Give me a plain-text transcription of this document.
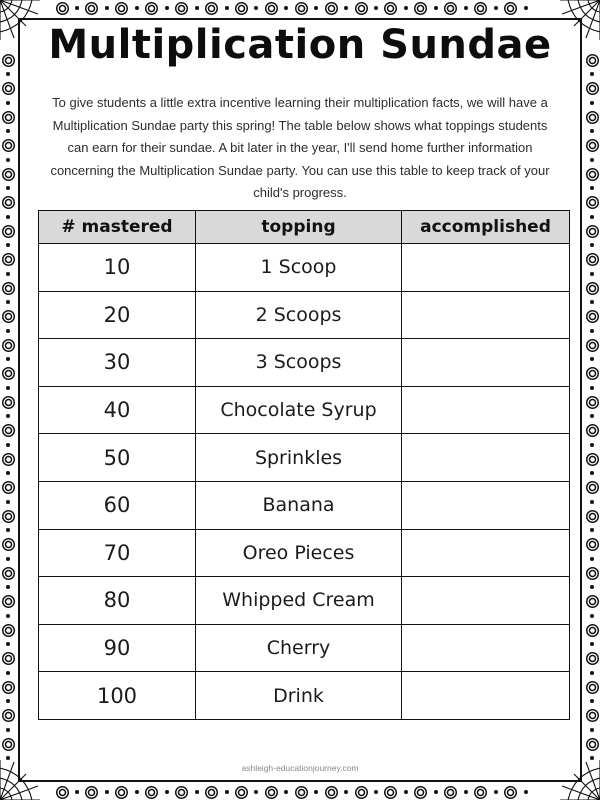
Multiplication Sundae

To give students a little extra incentive learning their multiplication facts, we will have a Multiplication Sundae party this spring! The table below shows what toppings students can earn for their sundae. A bit later in the year, I'll send home further information concerning the Multiplication Sundae party. You can use this table to keep track of your child's progress.

# mastered	topping	accomplished
10	1 Scoop	
20	2 Scoops	
30	3 Scoops	
40	Chocolate Syrup	
50	Sprinkles	
60	Banana	
70	Oreo Pieces	
80	Whipped Cream	
90	Cherry	
100	Drink	
ashleigh-educationjourney.com
